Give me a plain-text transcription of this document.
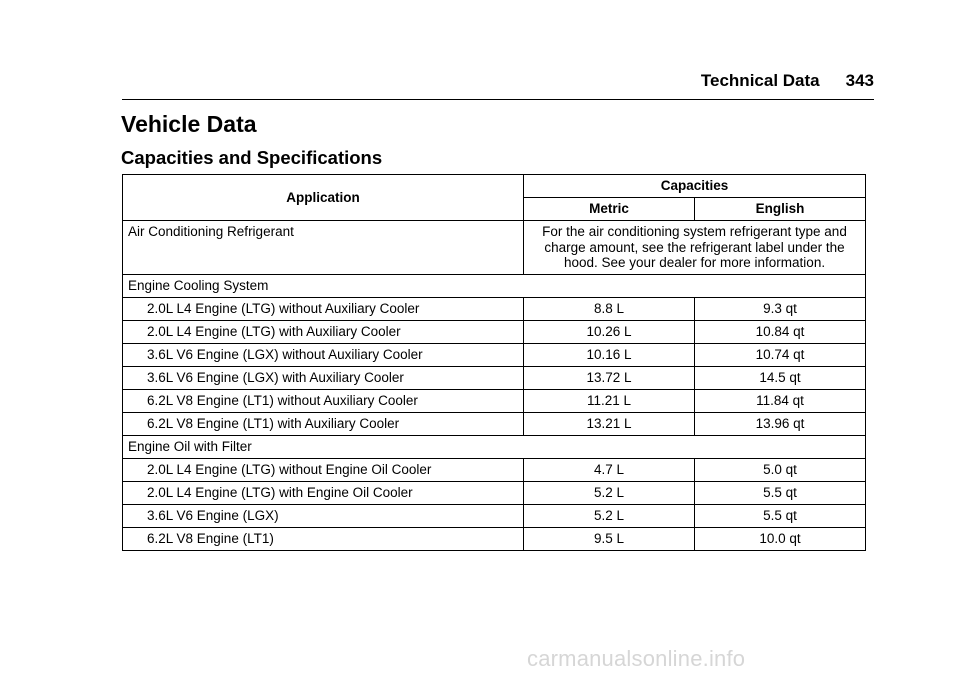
Technical Data 343
Vehicle Data
Capacities and Specifications
Application	Capacities	
	Metric	English
Air Conditioning Refrigerant	For the air conditioning system refrigerant type and charge amount, see the refrigerant label under the hood. See your dealer for more information.	
Engine Cooling System		
2.0L L4 Engine (LTG) without Auxiliary Cooler	8.8 L	9.3 qt
2.0L L4 Engine (LTG) with Auxiliary Cooler	10.26 L	10.84 qt
3.6L V6 Engine (LGX) without Auxiliary Cooler	10.16 L	10.74 qt
3.6L V6 Engine (LGX) with Auxiliary Cooler	13.72 L	14.5 qt
6.2L V8 Engine (LT1) without Auxiliary Cooler	11.21 L	11.84 qt
6.2L V8 Engine (LT1) with Auxiliary Cooler	13.21 L	13.96 qt
Engine Oil with Filter		
2.0L L4 Engine (LTG) without Engine Oil Cooler	4.7 L	5.0 qt
2.0L L4 Engine (LTG) with Engine Oil Cooler	5.2 L	5.5 qt
3.6L V6 Engine (LGX)	5.2 L	5.5 qt
6.2L V8 Engine (LT1)	9.5 L	10.0 qt
carmanualsonline.info
